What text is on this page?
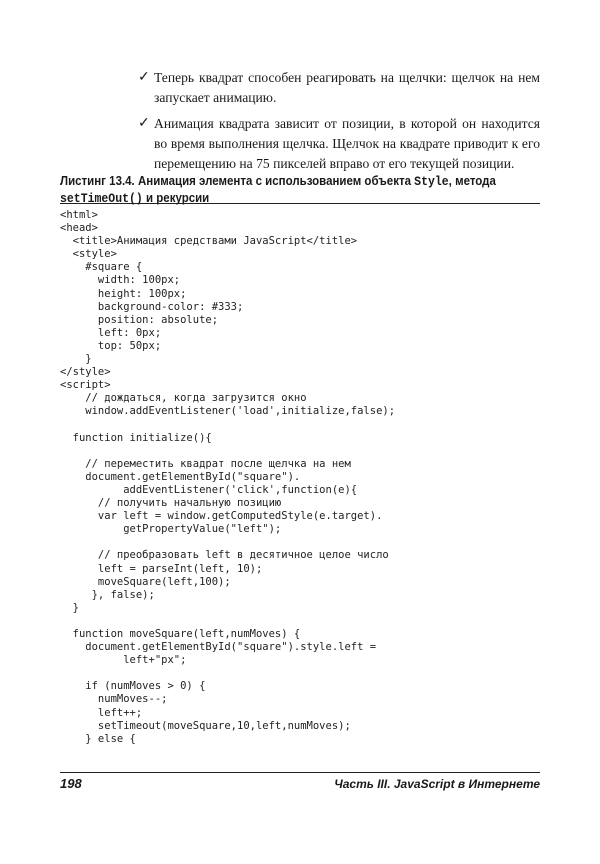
✓ Теперь квадрат способен реагировать на щелчки: щелчок на нем запускает анимацию.
✓ Анимация квадрата зависит от позиции, в которой он находится во время выполнения щелчка. Щелчок на квадрате приводит к его перемещению на 75 пикселей вправо от его текущей позиции.
Листинг 13.4. Анимация элемента с использованием объекта Style, метода setTimeOut() и рекурсии
<html>
<head>
<title>Анимация средствами JavaScript</title>
<style>
#square {
width: 100px;
height: 100px;
background-color: #333;
position: absolute;
left: 0px;
top: 50px;
}
</style>
<script>
// дождаться, когда загрузится окно
window.addEventListener('load',initialize,false);

function initialize(){

// переместить квадрат после щелчка на нем
document.getElementById("square").
addEventListener('click',function(e){
// получить начальную позицию
var left = window.getComputedStyle(e.target).
getPropertyValue("left");

// преобразовать left в десятичное целое число
left = parseInt(left, 10);
moveSquare(left,100);
}, false);
}

function moveSquare(left,numMoves) {
document.getElementById("square").style.left =
left+"px";

if (numMoves > 0) {
numMoves--;
left++;
setTimeout(moveSquare,10,left,numMoves);
} else {
198	Часть III. JavaScript в Интернете
